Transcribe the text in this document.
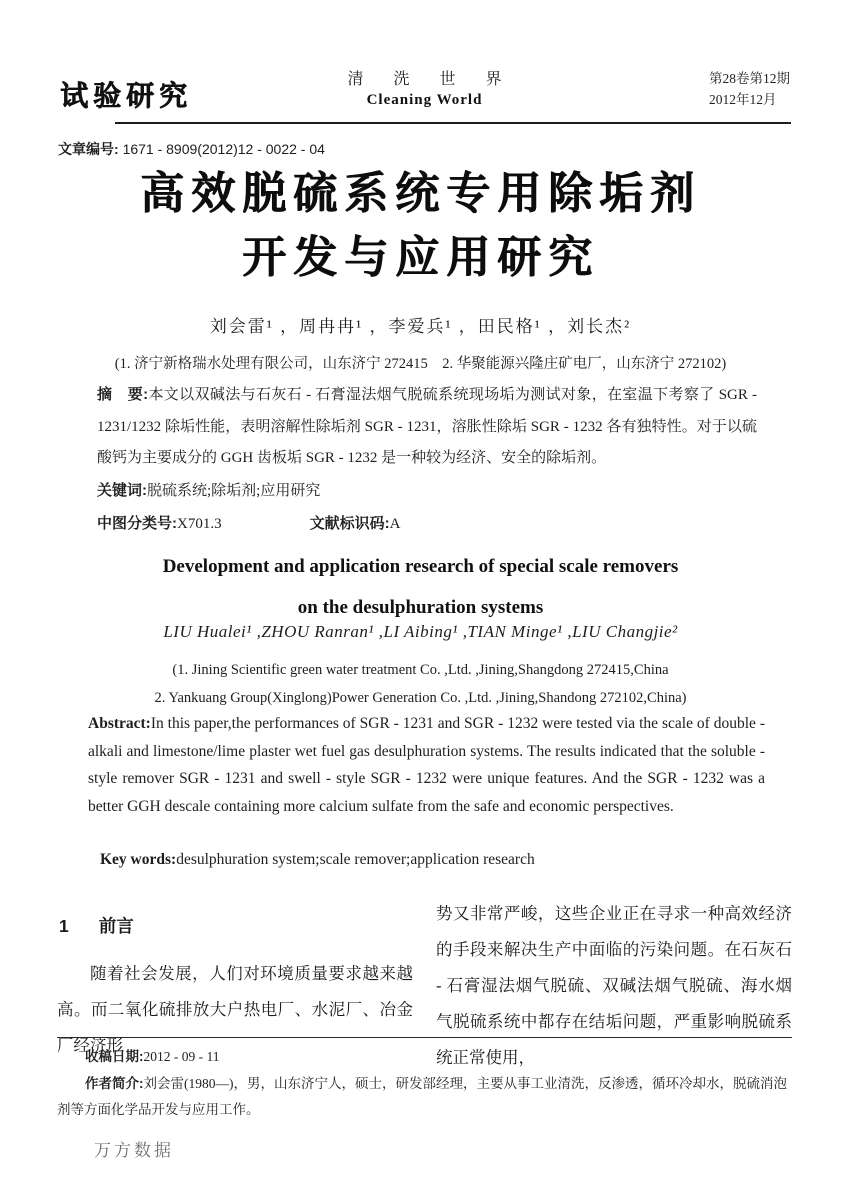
试验研究
清 洗 世 界
Cleaning World
第28卷第12期
2012年12月
文章编号: 1671 - 8909(2012)12 - 0022 - 04
高效脱硫系统专用除垢剂
开发与应用研究
刘会雷¹ ，周冉冉¹ ，李爱兵¹ ，田民格¹ ，刘长杰²
(1. 济宁新格瑞水处理有限公司，山东济宁 272415　2. 华聚能源兴隆庄矿电厂，山东济宁 272102)

摘　要:本文以双碱法与石灰石 - 石膏湿法烟气脱硫系统现场垢为测试对象，在室温下考察了 SGR - 1231/1232 除垢性能，表明溶解性除垢剂 SGR - 1231，溶胀性除垢 SGR - 1232 各有独特性。对于以硫酸钙为主要成分的 GGH 齿板垢 SGR - 1232 是一种较为经济、安全的除垢剂。

关键词:脱硫系统;除垢剂;应用研究

中图分类号:X701.3	文献标识码:A

Development and application research of special scale removers
on the desulphuration systems
LIU Hualei¹ ,ZHOU Ranran¹ ,LI Aibing¹ ,TIAN Minge¹ ,LIU Changjie²
(1. Jining Scientific green water treatment Co. ,Ltd. ,Jining,Shangdong 272415,China
2. Yankuang Group(Xinglong)Power Generation Co. ,Ltd. ,Jining,Shandong 272102,China)

Abstract:In this paper,the performances of SGR - 1231 and SGR - 1232 were tested via the scale of double - alkali and limestone/lime plaster wet fuel gas desulphuration systems. The results indicated that the soluble - style remover SGR - 1231 and swell - style SGR - 1232 were unique features. And the SGR - 1232 was a better GGH descale containing more calcium sulfate from the safe and economic perspectives.

Key words:desulphuration system;scale remover;application research

1 前言

随着社会发展，人们对环境质量要求越来越高。而二氧化硫排放大户热电厂、水泥厂、冶金厂经济形

势又非常严峻，这些企业正在寻求一种高效经济的手段来解决生产中面临的污染问题。在石灰石 - 石膏湿法烟气脱硫、双碱法烟气脱硫、海水烟气脱硫系统中都存在结垢问题，严重影响脱硫系统正常使用，

收稿日期:2012 - 09 - 11

作者简介:刘会雷(1980—)，男，山东济宁人，硕士，研发部经理，主要从事工业清洗，反渗透，循环冷却水，脱硫消泡剂等方面化学品开发与应用工作。

万方数据
